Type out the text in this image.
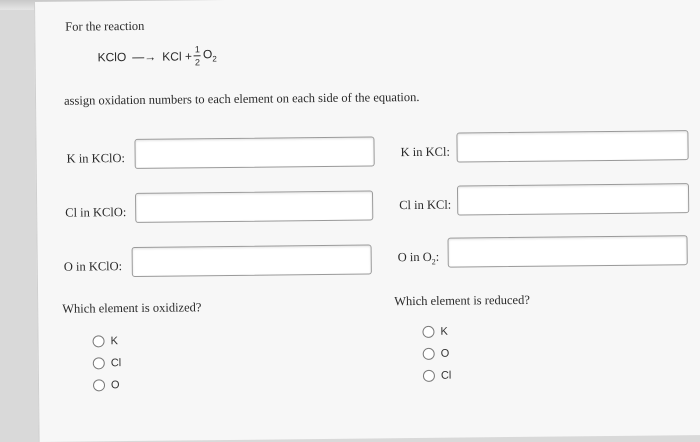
For the reaction
KClO —→ KCl + $\frac{1}{2} O_2$
assign oxidation numbers to each element on each side of the equation.
K in KClO:	K in KCl:
Cl in KClO:
Cl in KCl:
O in KClO:
O in $O_2$:
Which element is oxidized?	Which element is reduced?
K
Cl
O
K
O
Cl
